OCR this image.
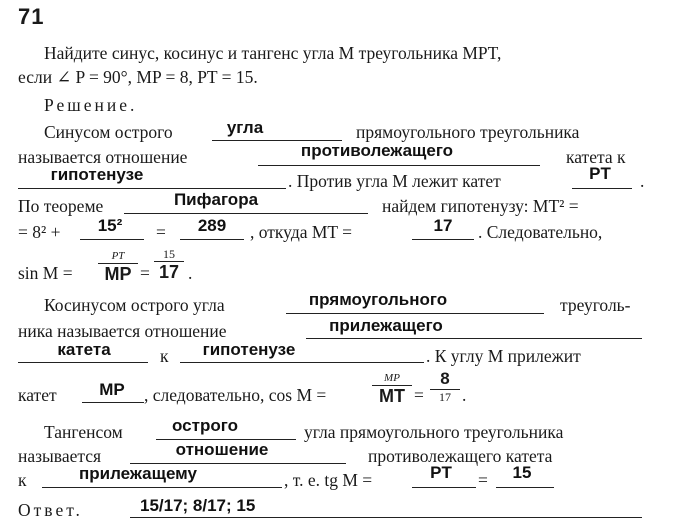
71
Найдите синус, косинус и тангенс угла M треугольника MPT,
если ∠ P = 90°, MP = 8, PT = 15.
Решение.
Синусом острого	угла	прямоугольного треугольника
называется отношение	противолежащего	катета к
гипотенузе	. Против угла M лежит катет	PT	.
По теореме	Пифагора	найдем гипотенузу: MT² =
= 8² +	15²	=	289	, откуда MT =	17	. Следовательно,
sin M =
PT
MP =
15
17 .
Косинусом острого угла	прямоугольного	треуголь-
ника называется отношение	прилежащего
катета	к	гипотенузе	. К углу M прилежит
катет	MP	, следовательно, cos M =
MP
MT =
8
17 .
Тангенсом	острого	угла прямоугольного треугольника
называется	отношение	противолежащего катета
к	прилежащему	, т. е. tg M =	PT	=	15
Ответ.	15/17; 8/17; 15
